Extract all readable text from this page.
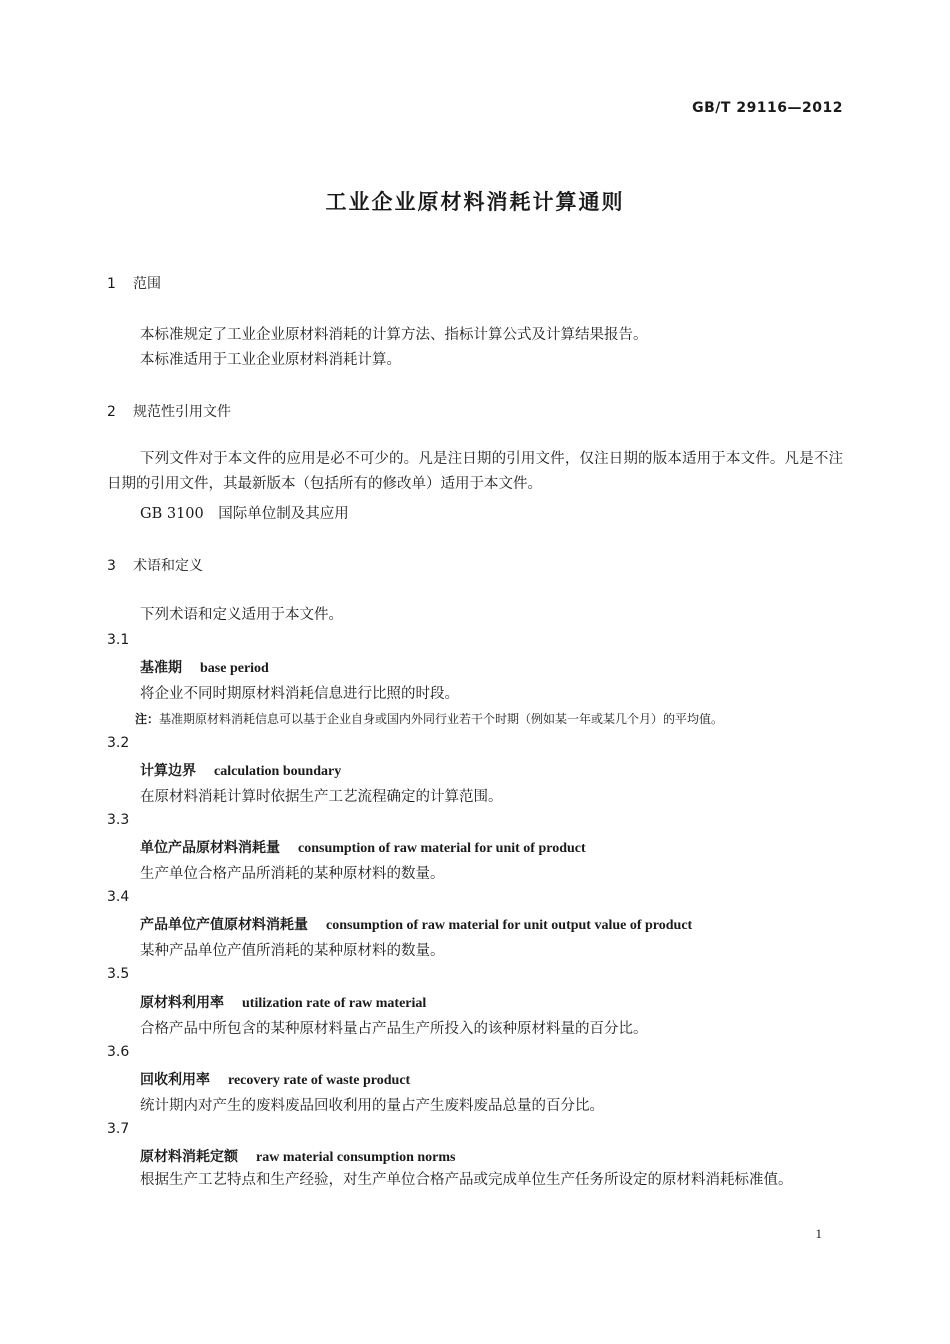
GB/T 29116—2012
工业企业原材料消耗计算通则
1 范围
本标准规定了工业企业原材料消耗的计算方法、指标计算公式及计算结果报告。
本标准适用于工业企业原材料消耗计算。
2 规范性引用文件
下列文件对于本文件的应用是必不可少的。凡是注日期的引用文件，仅注日期的版本适用于本文件。凡是不注日期的引用文件，其最新版本（包括所有的修改单）适用于本文件。
GB 3100　国际单位制及其应用
3 术语和定义
下列术语和定义适用于本文件。
3.1
基准期 base period
将企业不同时期原材料消耗信息进行比照的时段。
注：基准期原材料消耗信息可以基于企业自身或国内外同行业若干个时期（例如某一年或某几个月）的平均值。
3.2
计算边界 calculation boundary
在原材料消耗计算时依据生产工艺流程确定的计算范围。
3.3
单位产品原材料消耗量 consumption of raw material for unit of product
生产单位合格产品所消耗的某种原材料的数量。
3.4
产品单位产值原材料消耗量 consumption of raw material for unit output value of product
某种产品单位产值所消耗的某种原材料的数量。
3.5
原材料利用率 utilization rate of raw material
合格产品中所包含的某种原材料量占产品生产所投入的该种原材料量的百分比。
3.6
回收利用率 recovery rate of waste product
统计期内对产生的废料废品回收利用的量占产生废料废品总量的百分比。
3.7
原材料消耗定额 raw material consumption norms
根据生产工艺特点和生产经验，对生产单位合格产品或完成单位生产任务所设定的原材料消耗标准值。
1
